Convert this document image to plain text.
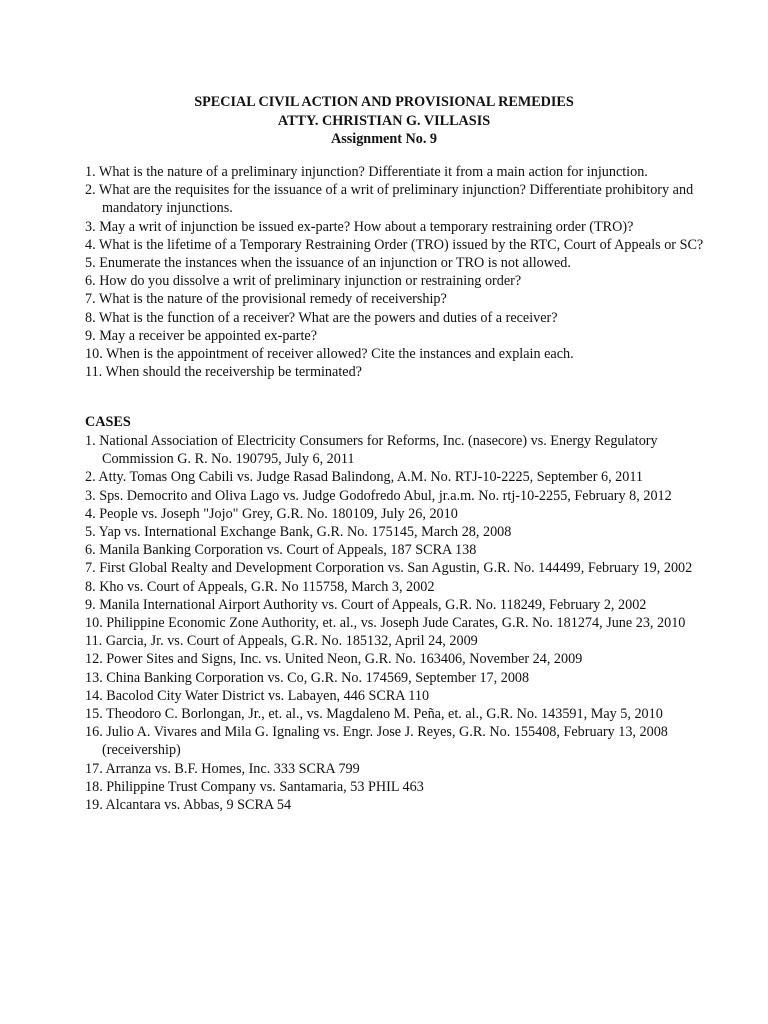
SPECIAL CIVIL ACTION AND PROVISIONAL REMEDIES
ATTY. CHRISTIAN G. VILLASIS
Assignment No. 9

1. What is the nature of a preliminary injunction? Differentiate it from a main action for injunction.

2. What are the requisites for the issuance of a writ of preliminary injunction? Differentiate prohibitory and mandatory injunctions.

3. May a writ of injunction be issued ex-parte? How about a temporary restraining order (TRO)?

4. What is the lifetime of a Temporary Restraining Order (TRO) issued by the RTC, Court of Appeals or SC?

5. Enumerate the instances when the issuance of an injunction or TRO is not allowed.

6. How do you dissolve a writ of preliminary injunction or restraining order?

7. What is the nature of the provisional remedy of receivership?

8. What is the function of a receiver? What are the powers and duties of a receiver?

9. May a receiver be appointed ex-parte?

10. When is the appointment of receiver allowed? Cite the instances and explain each.

11. When should the receivership be terminated?

CASES

1. National Association of Electricity Consumers for Reforms, Inc. (nasecore) vs. Energy Regulatory Commission G. R. No. 190795, July 6, 2011

2. Atty. Tomas Ong Cabili vs. Judge Rasad Balindong, A.M. No. RTJ-10-2225, September 6, 2011

3. Sps. Democrito and Oliva Lago vs. Judge Godofredo Abul, jr.a.m. No. rtj-10-2255, February 8, 2012

4. People vs. Joseph "Jojo" Grey, G.R. No. 180109, July 26, 2010

5. Yap vs. International Exchange Bank, G.R. No. 175145, March 28, 2008

6. Manila Banking Corporation vs. Court of Appeals, 187 SCRA 138

7. First Global Realty and Development Corporation vs. San Agustin, G.R. No. 144499, February 19, 2002

8. Kho vs. Court of Appeals, G.R. No 115758, March 3, 2002

9. Manila International Airport Authority vs. Court of Appeals, G.R. No. 118249, February 2, 2002

10. Philippine Economic Zone Authority, et. al., vs. Joseph Jude Carates, G.R. No. 181274, June 23, 2010

11. Garcia, Jr. vs. Court of Appeals, G.R. No. 185132, April 24, 2009

12. Power Sites and Signs, Inc. vs. United Neon, G.R. No. 163406, November 24, 2009

13. China Banking Corporation vs. Co, G.R. No. 174569, September 17, 2008

14. Bacolod City Water District vs. Labayen, 446 SCRA 110

15. Theodoro C. Borlongan, Jr., et. al., vs. Magdaleno M. Peña, et. al., G.R. No. 143591, May 5, 2010

16. Julio A. Vivares and Mila G. Ignaling vs. Engr. Jose J. Reyes, G.R. No. 155408, February 13, 2008 (receivership)

17. Arranza vs. B.F. Homes, Inc. 333 SCRA 799

18. Philippine Trust Company vs. Santamaria, 53 PHIL 463

19. Alcantara vs. Abbas, 9 SCRA 54
